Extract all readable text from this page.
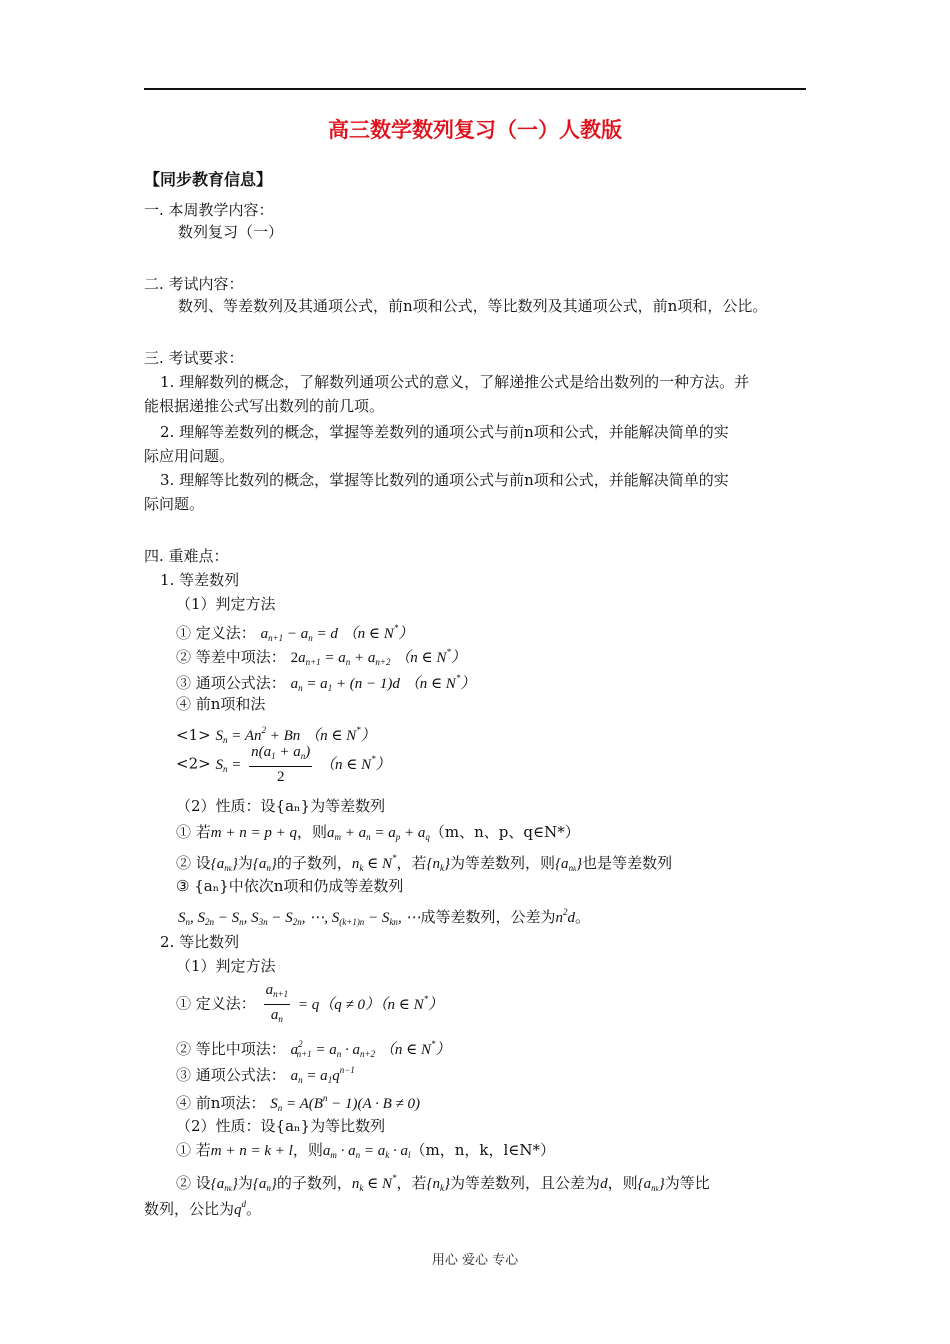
高三数学数列复习（一）人教版
【同步教育信息】
一. 本周教学内容：
数列复习（一）
二. 考试内容：
数列、等差数列及其通项公式，前n项和公式，等比数列及其通项公式，前n项和，公比。
三. 考试要求：
1. 理解数列的概念，了解数列通项公式的意义，了解递推公式是给出数列的一种方法。并
能根据递推公式写出数列的前几项。
2. 理解等差数列的概念，掌握等差数列的通项公式与前n项和公式，并能解决简单的实
际应用问题。
3. 理解等比数列的概念，掌握等比数列的通项公式与前n项和公式，并能解决简单的实
际问题。
四. 重难点：
1. 等差数列
（1）判定方法
① 定义法： $a_{n+1} - a_n = d$ （n ∈ N*）
② 等差中项法： $2a_{n+1} = a_n + a_{n+2}$ （n ∈ N*）
③ 通项公式法： $a_n = a_1 + (n - 1)d$ （n ∈ N*）
④ 前n项和法
$<1> S_n = An^2 + Bn$ （n ∈ N*）
$<2> S_n = \frac{n(a_1 + a_n)}{2} (n$ ∈ N*）
（2）性质：设{aₙ}为等差数列
① 若m + n = p + q，则$a_m + a_n = a_p + a_q(m$、n、p、q∈N*）
② 设$\{a_{nk}\}$为$\{a_n\}$的子数列，$n_k$ ∈ N*，若$\{n_k\}$为等差数列，则$\{a_{nk}\}$也是等差数列
③ {aₙ}中依次n项和仍成等差数列
$S_n$, $S_{2n} - S_n$, $S_{3n} - S_{2n}$, ⋯, $S_{(k+1)n} - S_{kn}$, ⋯成等差数列，公差为$n^2d$。
2. 等比数列
（1）判定方法
① 定义法： $\frac{a_{n+1}}{a_n} = q(q \ne 0)(n$ ∈ N*）
② 等比中项法： $a^2_{n+1} = a_n \cdot a_{n+2}$ （n ∈ N*）
③ 通项公式法： $a_n = a_1q^{n-1}$
④ 前n项法： $S_n = A(B^n - 1)(A \cdot B \ne 0)$
（2）性质：设{aₙ}为等比数列
① 若m + n = k + l，则$a_m \cdot a_n = a_k \cdot a_l(m$，n，k，l∈N*）
② 设$\{a_{nk}\}$为$\{a_n\}$的子数列，$n_k$ ∈ N*，若$\{n_k\}$为等差数列，且公差为d，则$\{a_{nk}\}$为等比
数列，公比为$q^d$。
用心 爱心 专心
